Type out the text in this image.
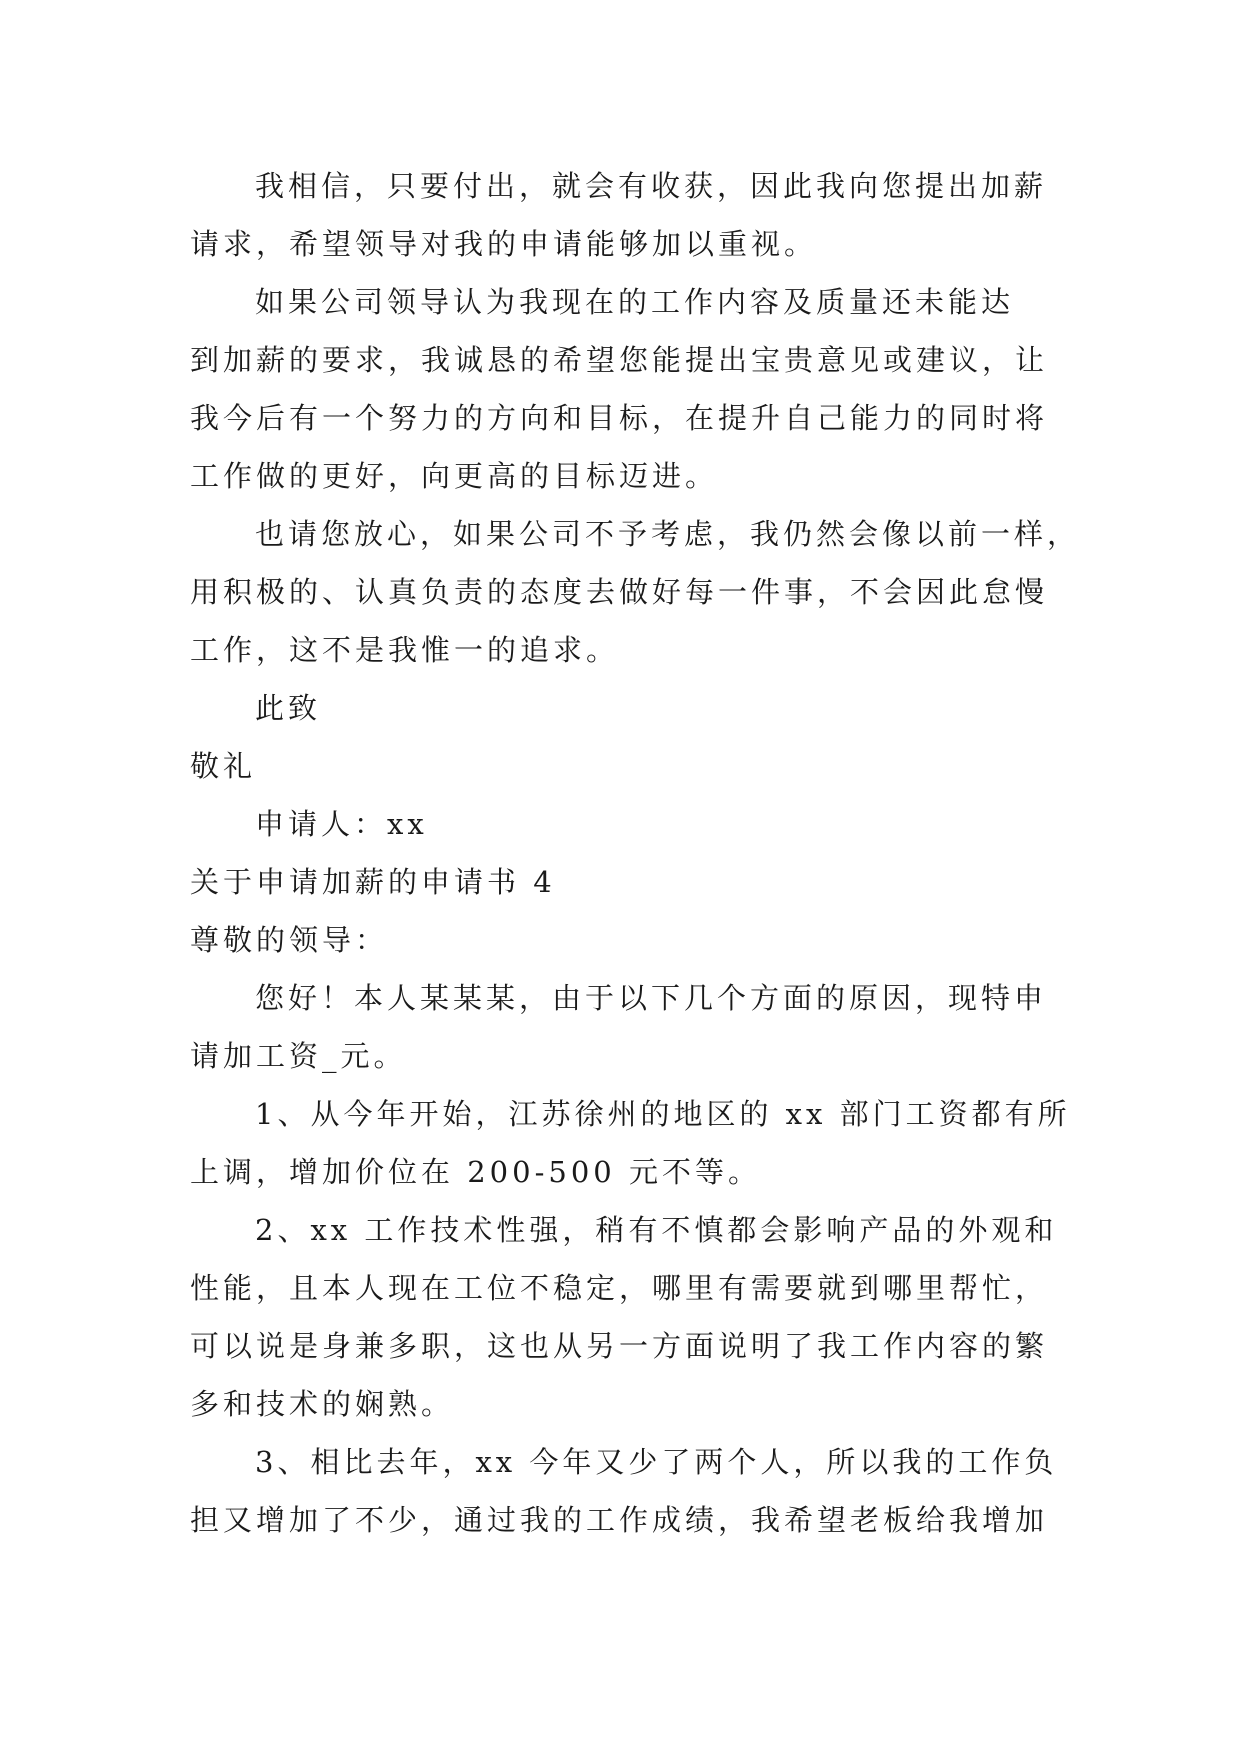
我相信，只要付出，就会有收获，因此我向您提出加薪
请求，希望领导对我的申请能够加以重视。
如果公司领导认为我现在的工作内容及质量还未能达
到加薪的要求，我诚恳的希望您能提出宝贵意见或建议，让
我今后有一个努力的方向和目标，在提升自己能力的同时将
工作做的更好，向更高的目标迈进。
也请您放心，如果公司不予考虑，我仍然会像以前一样，
用积极的、认真负责的态度去做好每一件事，不会因此怠慢
工作，这不是我惟一的追求。
此致
敬礼
申请人：xx
关于申请加薪的申请书 4
尊敬的领导：
您好！本人某某某，由于以下几个方面的原因，现特申
请加工资_元。
1、从今年开始，江苏徐州的地区的 xx 部门工资都有所
上调，增加价位在 200-500 元不等。
2、xx 工作技术性强，稍有不慎都会影响产品的外观和
性能，且本人现在工位不稳定，哪里有需要就到哪里帮忙，
可以说是身兼多职，这也从另一方面说明了我工作内容的繁
多和技术的娴熟。
3、相比去年，xx 今年又少了两个人，所以我的工作负
担又增加了不少，通过我的工作成绩，我希望老板给我增加
